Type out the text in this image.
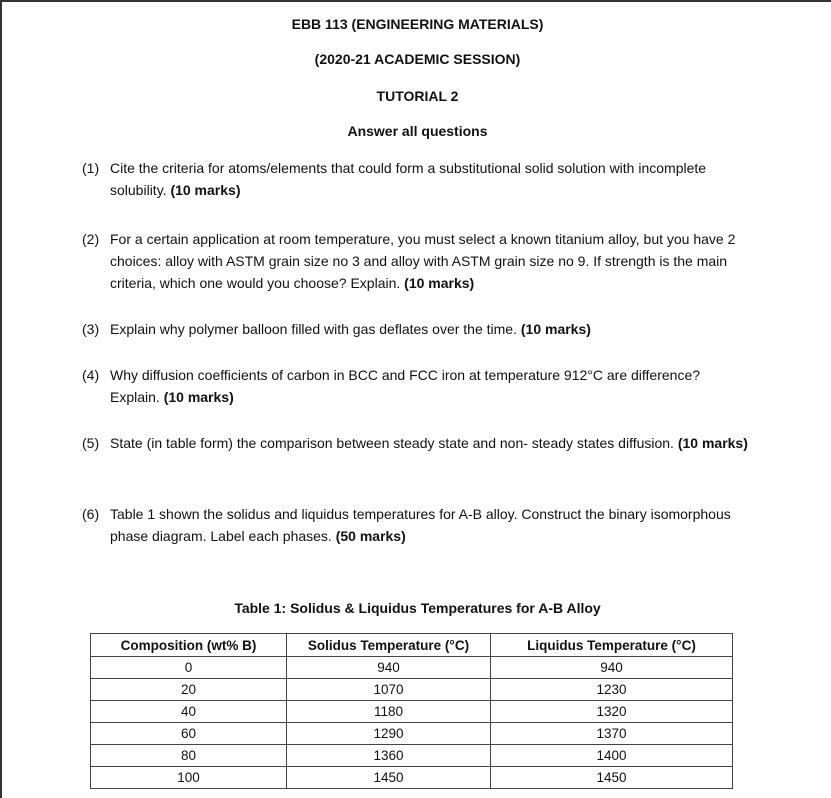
EBB 113 (ENGINEERING MATERIALS)
(2020-21 ACADEMIC SESSION)
TUTORIAL 2
Answer all questions
(1) Cite the criteria for atoms/elements that could form a substitutional solid solution with incomplete solubility. (10 marks)
(2) For a certain application at room temperature, you must select a known titanium alloy, but you have 2 choices: alloy with ASTM grain size no 3 and alloy with ASTM grain size no 9. If strength is the main criteria, which one would you choose? Explain. (10 marks)
(3) Explain why polymer balloon filled with gas deflates over the time. (10 marks)
(4) Why diffusion coefficients of carbon in BCC and FCC iron at temperature 912°C are difference? Explain. (10 marks)
(5) State (in table form) the comparison between steady state and non- steady states diffusion. (10 marks)
(6) Table 1 shown the solidus and liquidus temperatures for A-B alloy. Construct the binary isomorphous phase diagram. Label each phases. (50 marks)
Table 1: Solidus & Liquidus Temperatures for A-B Alloy
Composition (wt% B)	Solidus Temperature (°C)	Liquidus Temperature (°C)
0	940	940
20	1070	1230
40	1180	1320
60	1290	1370
80	1360	1400
100	1450	1450
